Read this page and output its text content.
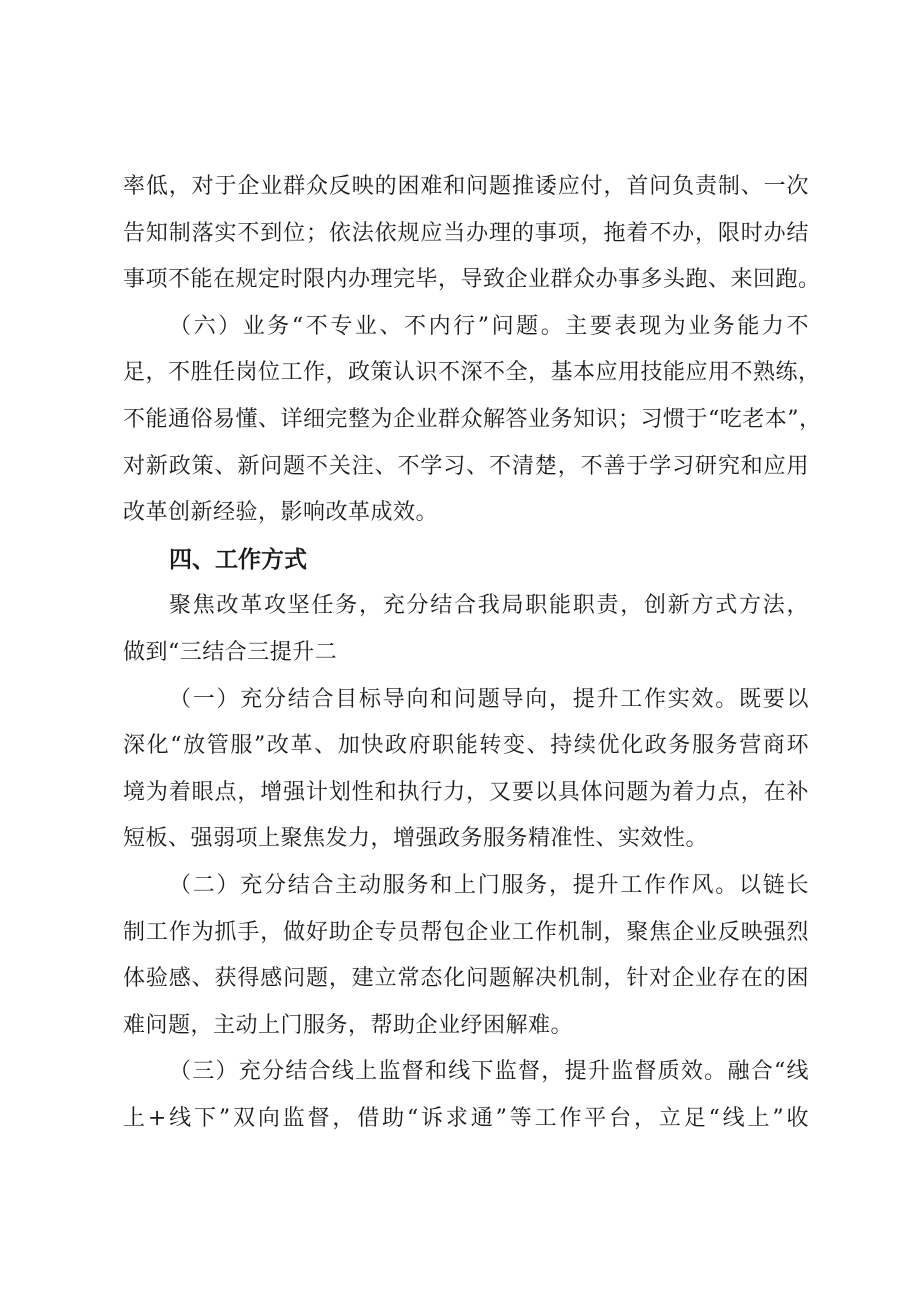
率低，对于企业群众反映的困难和问题推诿应付，首问负责制、一次
告知制落实不到位；依法依规应当办理的事项，拖着不办，限时办结
事项不能在规定时限内办理完毕，导致企业群众办事多头跑、来回跑。
（六）业务“不专业、不内行”问题。主要表现为业务能力不
足，不胜任岗位工作，政策认识不深不全，基本应用技能应用不熟练，
不能通俗易懂、详细完整为企业群众解答业务知识；习惯于“吃老本”，
对新政策、新问题不关注、不学习、不清楚，不善于学习研究和应用
改革创新经验，影响改革成效。
四、工作方式
聚焦改革攻坚任务，充分结合我局职能职责，创新方式方法，
做到“三结合三提升二
（一）充分结合目标导向和问题导向，提升工作实效。既要以
深化“放管服”改革、加快政府职能转变、持续优化政务服务营商环
境为着眼点，增强计划性和执行力，又要以具体问题为着力点，在补
短板、强弱项上聚焦发力，增强政务服务精准性、实效性。
（二）充分结合主动服务和上门服务，提升工作作风。以链长
制工作为抓手，做好助企专员帮包企业工作机制，聚焦企业反映强烈
体验感、获得感问题，建立常态化问题解决机制，针对企业存在的困
难问题，主动上门服务，帮助企业纾困解难。
（三）充分结合线上监督和线下监督，提升监督质效。融合“线
上+线下”双向监督，借助“诉求通”等工作平台，立足“线上”收
